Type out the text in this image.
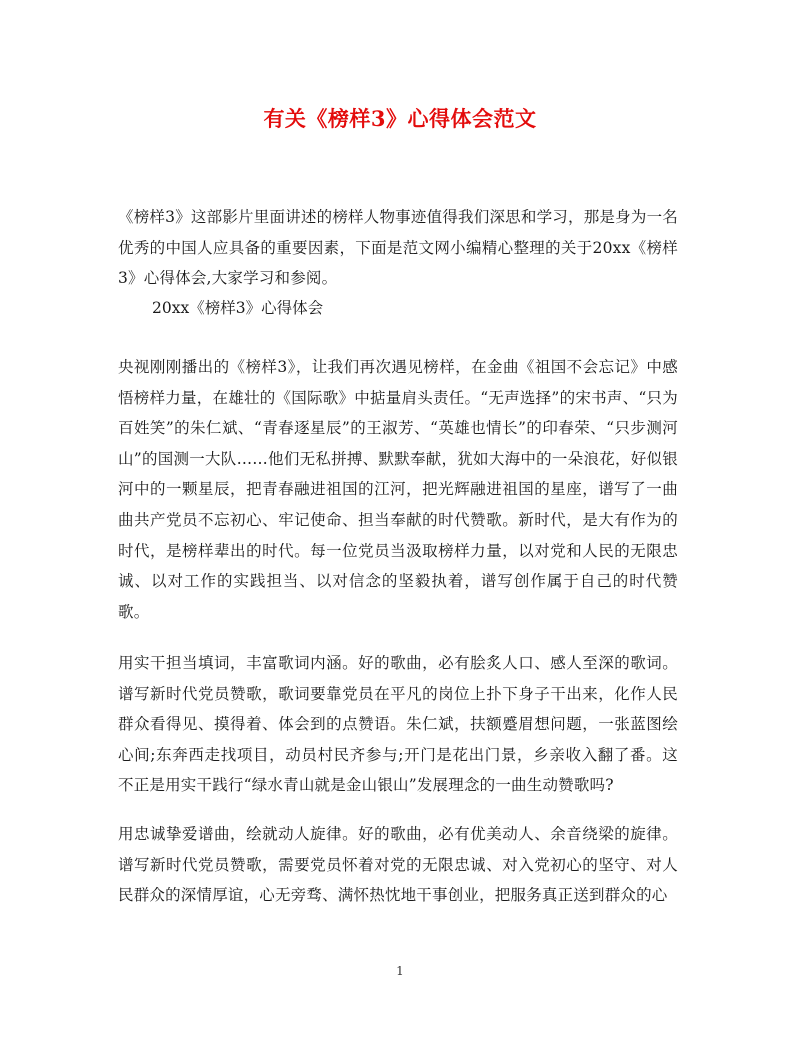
有关《榜样3》心得体会范文

《榜样3》这部影片里面讲述的榜样人物事迹值得我们深思和学习，那是身为一名优秀的中国人应具备的重要因素，下面是范文网小编精心整理的关于20xx《榜样3》心得体会,大家学习和参阅。

20xx《榜样3》心得体会

央视刚刚播出的《榜样3》，让我们再次遇见榜样，在金曲《祖国不会忘记》中感悟榜样力量，在雄壮的《国际歌》中掂量肩头责任。“无声选择”的宋书声、“只为百姓笑”的朱仁斌、“青春逐星辰”的王淑芳、“英雄也情长”的印春荣、“只步测河山”的国测一大队……他们无私拼搏、默默奉献，犹如大海中的一朵浪花，好似银河中的一颗星辰，把青春融进祖国的江河，把光辉融进祖国的星座，谱写了一曲曲共产党员不忘初心、牢记使命、担当奉献的时代赞歌。新时代，是大有作为的时代，是榜样辈出的时代。每一位党员当汲取榜样力量，以对党和人民的无限忠诚、以对工作的实践担当、以对信念的坚毅执着，谱写创作属于自己的时代赞歌。

用实干担当填词，丰富歌词内涵。好的歌曲，必有脍炙人口、感人至深的歌词。谱写新时代党员赞歌，歌词要靠党员在平凡的岗位上扑下身子干出来，化作人民群众看得见、摸得着、体会到的点赞语。朱仁斌，扶额蹙眉想问题，一张蓝图绘心间;东奔西走找项目，动员村民齐参与;开门是花出门景，乡亲收入翻了番。这不正是用实干践行“绿水青山就是金山银山”发展理念的一曲生动赞歌吗?

用忠诚挚爱谱曲，绘就动人旋律。好的歌曲，必有优美动人、余音绕梁的旋律。谱写新时代党员赞歌，需要党员怀着对党的无限忠诚、对入党初心的坚守、对人民群众的深情厚谊，心无旁骛、满怀热忱地干事创业，把服务真正送到群众的心

1
